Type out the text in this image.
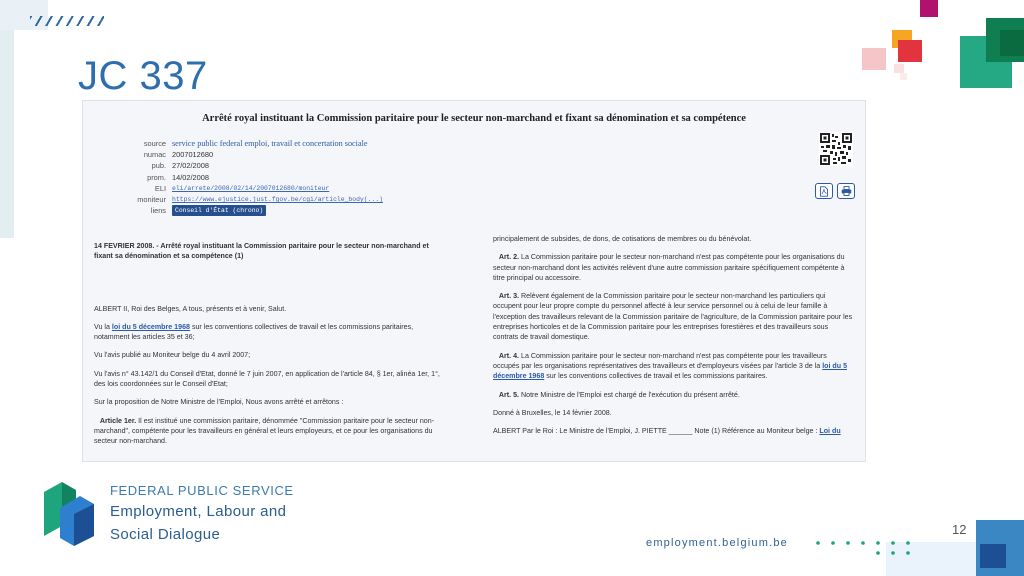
JC 337
Arrêté royal instituant la Commission paritaire pour le secteur non-marchand et fixant sa dénomination et sa compétence
source service public federal emploi, travail et concertation sociale
numac 2007012680
pub. 27/02/2008
prom. 14/02/2008
ELI eli/arrete/2008/02/14/2007012680/moniteur
moniteur https://www.ejustice.just.fgov.be/cgi/article_body(...)
liens	Conseil d'État (chrono)

14 FEVRIER 2008. - Arrêté royal instituant la Commission paritaire pour le secteur non-marchand et fixant sa dénomination et sa compétence (1)

ALBERT II, Roi des Belges, A tous, présents et à venir, Salut.

Vu la loi du 5 décembre 1968 sur les conventions collectives de travail et les commissions paritaires, notamment les articles 35 et 36;

Vu l'avis publié au Moniteur belge du 4 avril 2007;

Vu l'avis n° 43.142/1 du Conseil d'Etat, donné le 7 juin 2007, en application de l'article 84, § 1er, alinéa 1er, 1°, des lois coordonnées sur le Conseil d'Etat;

Sur la proposition de Notre Ministre de l'Emploi, Nous avons arrêté et arrêtons :

Article 1er. Il est institué une commission paritaire, dénommée "Commission paritaire pour le secteur non-marchand", compétente pour les travailleurs en général et leurs employeurs, et ce pour les organisations du secteur non-marchand.

principalement de subsides, de dons, de cotisations de membres ou du bénévolat.

Art. 2. La Commission paritaire pour le secteur non-marchand n'est pas compétente pour les organisations du secteur non-marchand dont les activités relèvent d'une autre commission paritaire spécifiquement compétente à titre principal ou accessoire.

Art. 3. Relèvent également de la Commission paritaire pour le secteur non-marchand les particuliers qui occupent pour leur propre compte du personnel affecté à leur service personnel ou à celui de leur famille à l'exception des travailleurs relevant de la Commission paritaire de l'agriculture, de la Commission paritaire pour les entreprises horticoles et de la Commission paritaire pour les entreprises forestières et des travailleurs sous contrats de travail domestique.

Art. 4. La Commission paritaire pour le secteur non-marchand n'est pas compétente pour les travailleurs occupés par les organisations représentatives des travailleurs et d'employeurs visées par l'article 3 de la loi du 5 décembre 1968 sur les conventions collectives de travail et les commissions paritaires.

Art. 5. Notre Ministre de l'Emploi est chargé de l'exécution du présent arrêté.

Donné à Bruxelles, le 14 février 2008.

ALBERT Par le Roi : Le Ministre de l'Emploi, J. PIETTE ______ Note (1) Référence au Moniteur belge : Loi du

FEDERAL PUBLIC SERVICE
Employment, Labour and
Social Dialogue	employment.belgium.be
12
